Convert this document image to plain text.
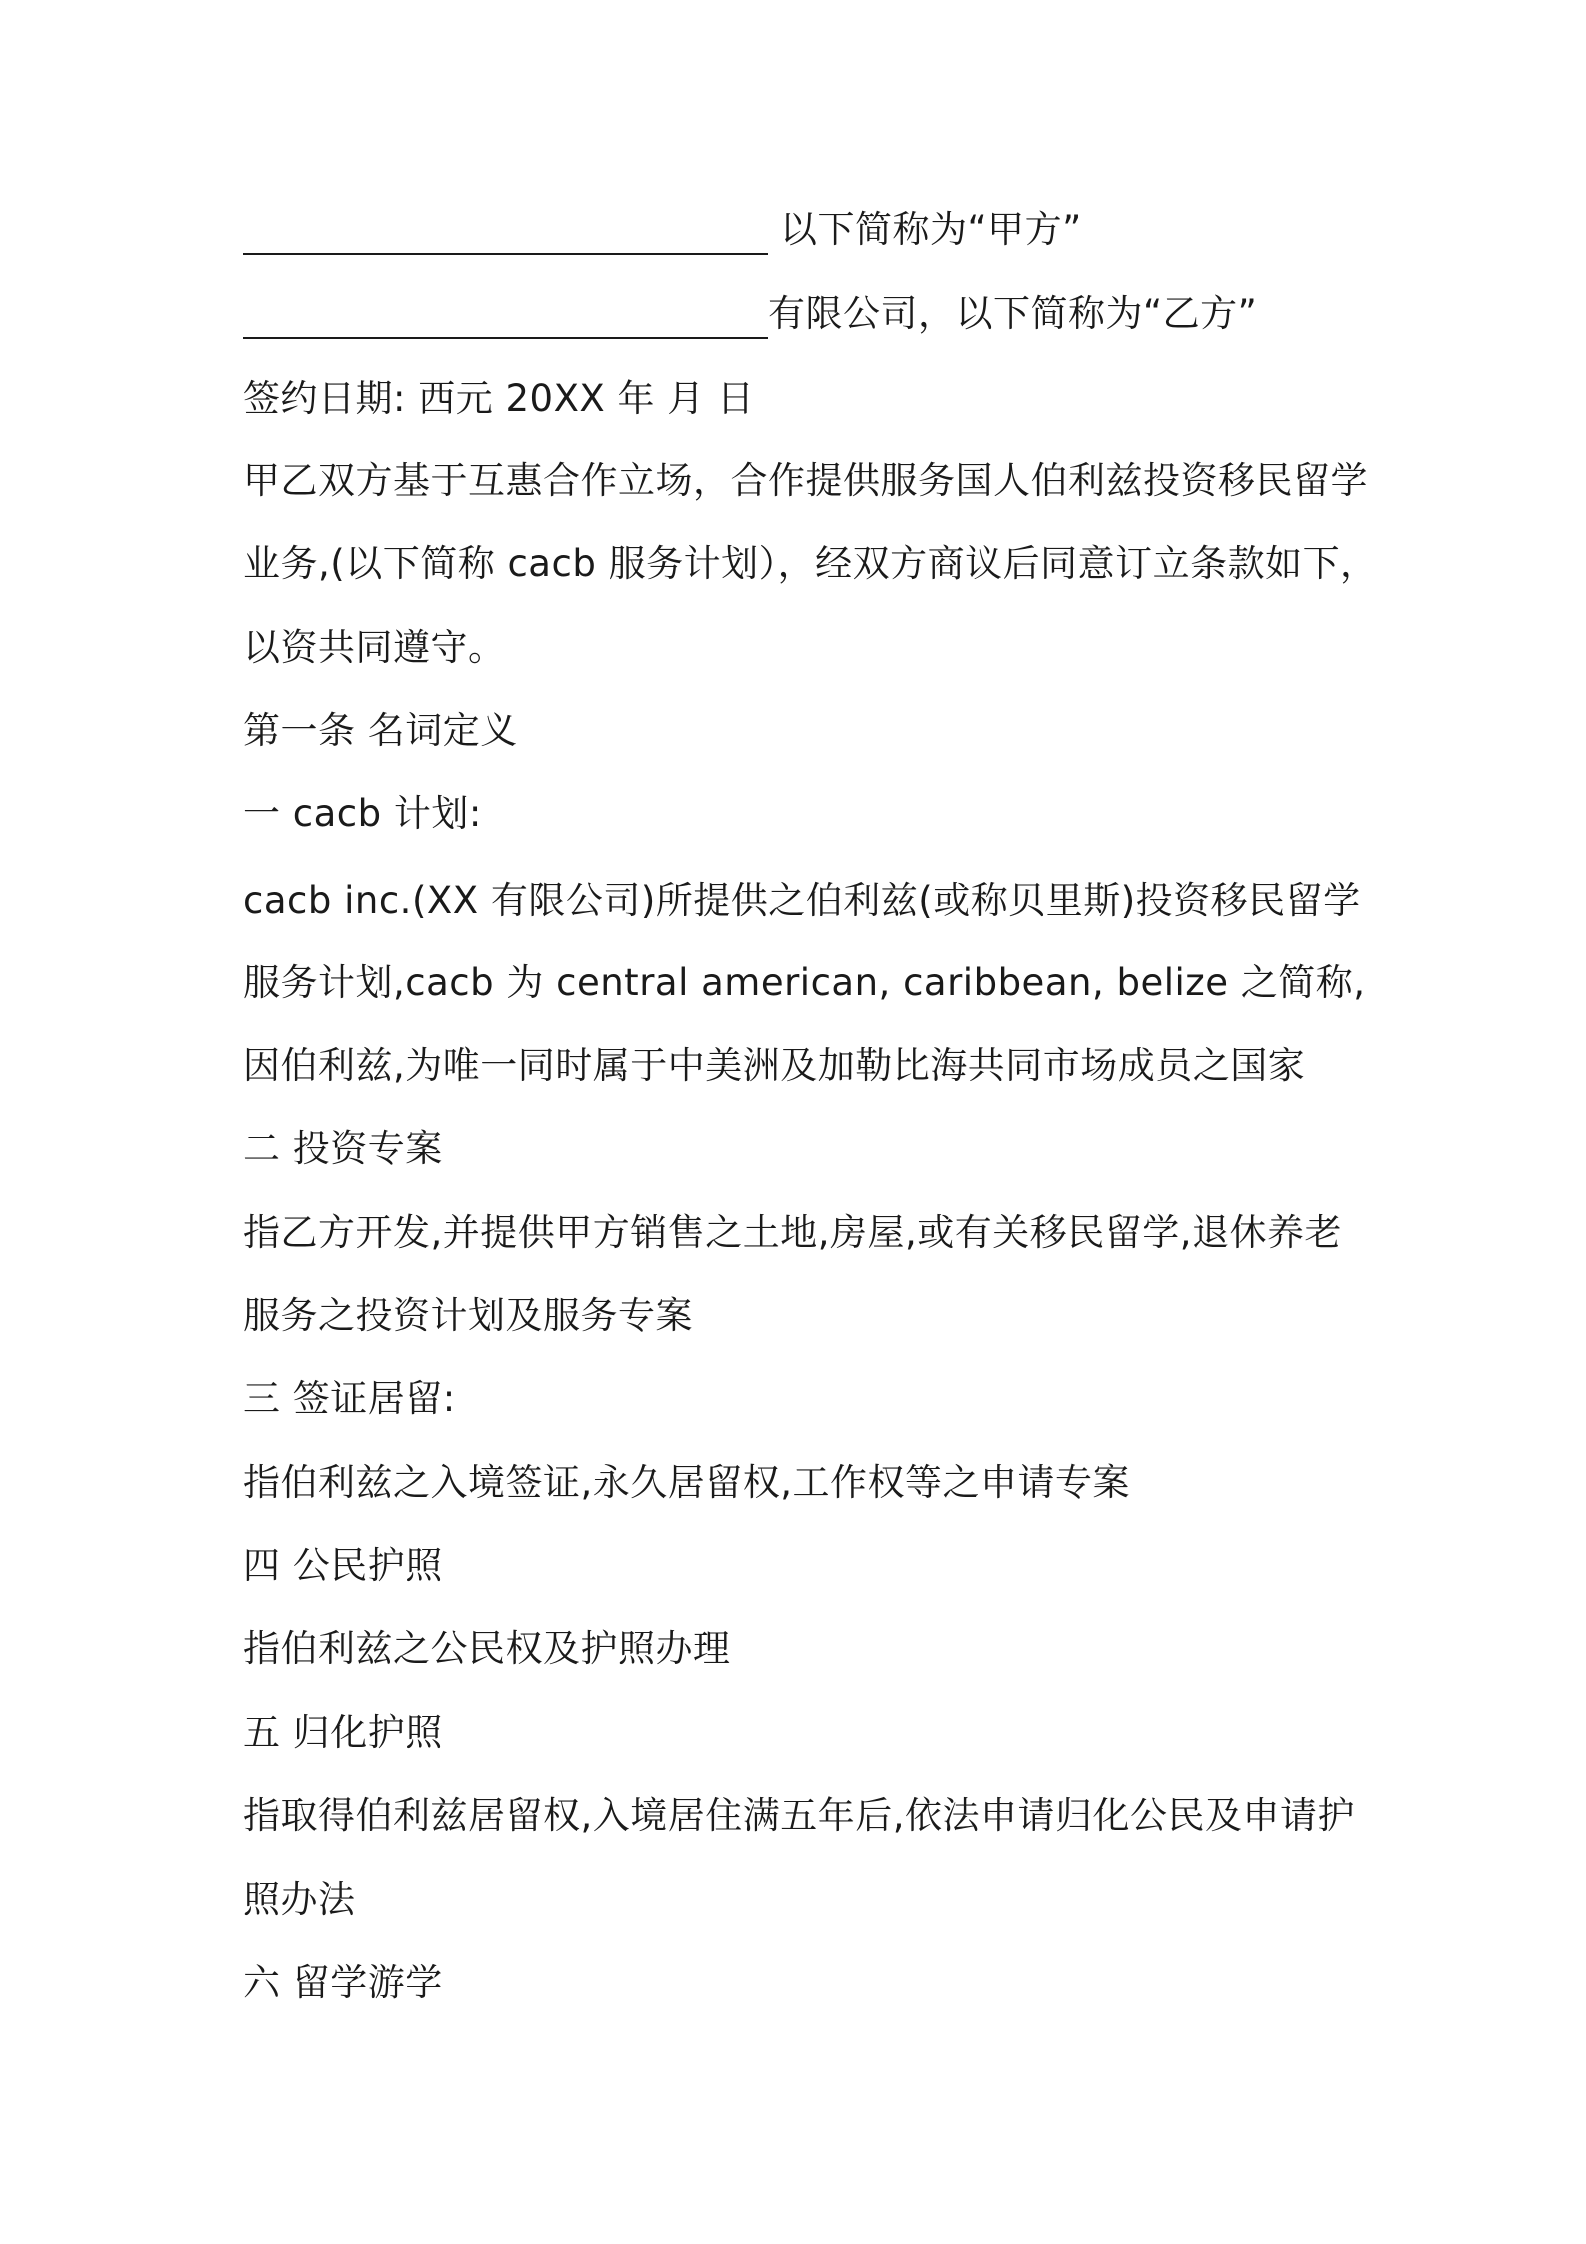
以下简称为“甲方”
有限公司，以下简称为“乙方”
签约日期: 西元 20XX 年 月 日
甲乙双方基于互惠合作立场，合作提供服务国人伯利兹投资移民留学
业务,(以下简称 cacb 服务计划），经双方商议后同意订立条款如下，
以资共同遵守。
第一条 名词定义
一 cacb 计划:
cacb inc.(XX 有限公司)所提供之伯利兹(或称贝里斯)投资移民留学
服务计划,cacb 为 central american, caribbean, belize 之简称,
因伯利兹,为唯一同时属于中美洲及加勒比海共同市场成员之国家
二 投资专案
指乙方开发,并提供甲方销售之土地,房屋,或有关移民留学,退休养老
服务之投资计划及服务专案
三 签证居留:
指伯利兹之入境签证,永久居留权,工作权等之申请专案
四 公民护照
指伯利兹之公民权及护照办理
五 归化护照
指取得伯利兹居留权,入境居住满五年后,依法申请归化公民及申请护
照办法
六 留学游学
